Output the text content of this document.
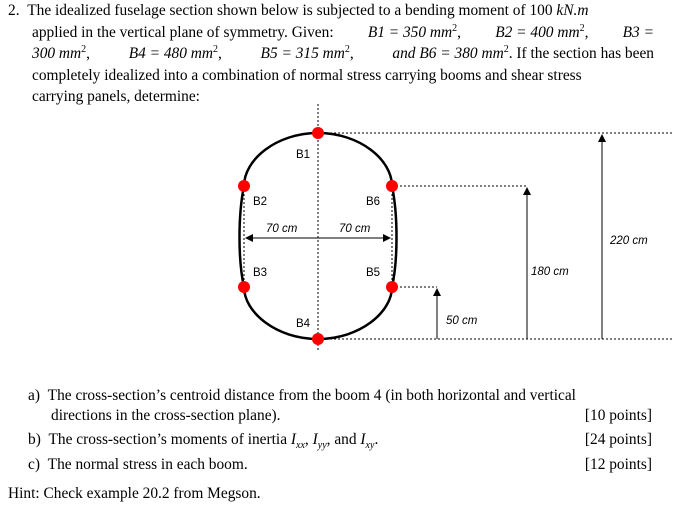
2. The idealized fuselage section shown below is subjected to a bending moment of 100 kN.m
applied in the vertical plane of symmetry. Given: B1 = 350 $mm^2$, B2 = 400 $mm^2$, B3 =
300 $mm^2$,	B4 = 480 $mm^2$,	B5 = 315 $mm^2$,	and B6 = 380 $mm^2$. If the section has been
completely idealized into a combination of normal stress carrying booms and shear stress
carrying panels, determine:
B1
B2
B3
B4
B5
B6
70 cm	70 cm
220 cm
180 cm
50 cm
a) The cross-section’s centroid distance from the boom 4 (in both horizontal and vertical
directions in the cross-section plane).	[10 points]
b) The cross-section’s moments of inertia $I_{xx}$, $I_{yy}$, and $I_{xy}$.	[24 points]
c) The normal stress in each boom.	[12 points]
Hint: Check example 20.2 from Megson.
